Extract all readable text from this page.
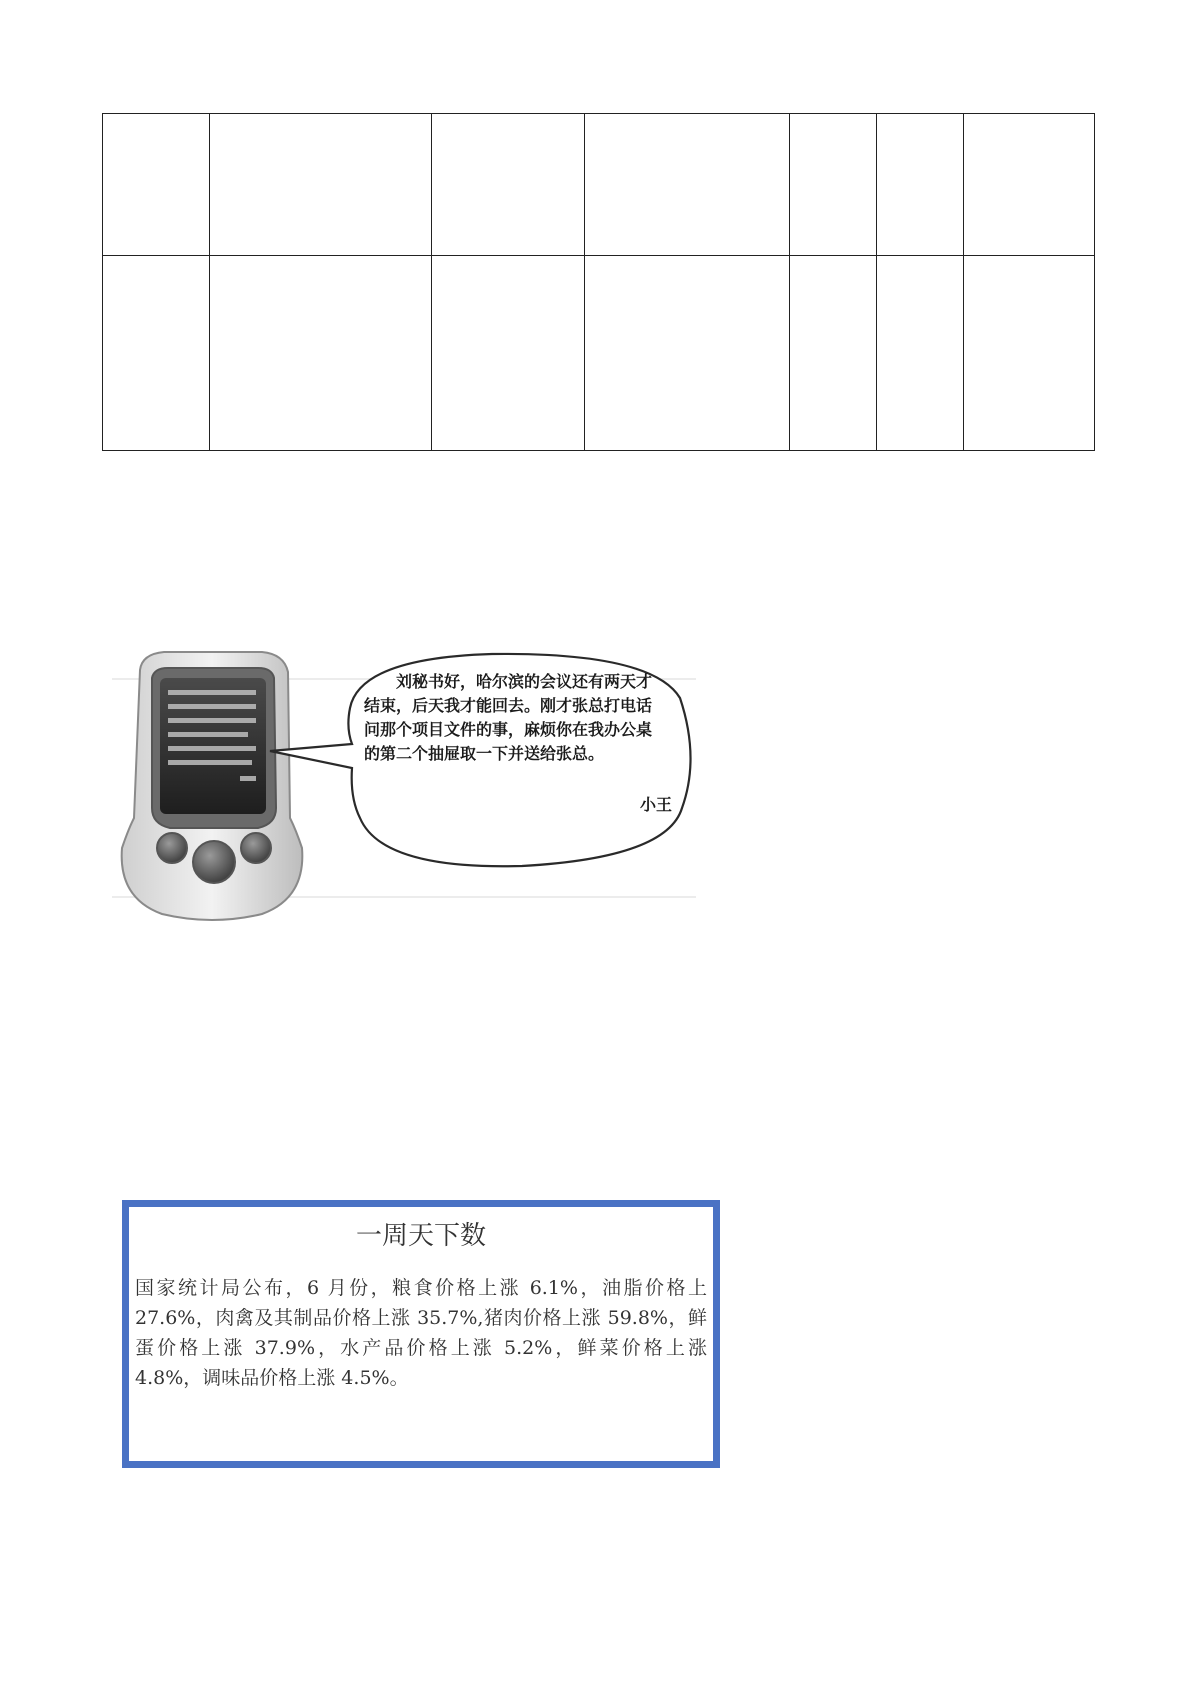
刘秘书好，哈尔滨的会议还有两天才结束，后天我才能回去。刚才张总打电话问那个项目文件的事，麻烦你在我办公桌的第二个抽屉取一下并送给张总。

小王
一周天下数
国家统计局公布，6 月份，粮食价格上涨 6.1%，油脂价格上 27.6%，肉禽及其制品价格上涨 35.7%,猪肉价格上涨 59.8%，鲜蛋价格上涨 37.9%，水产品价格上涨 5.2%，鲜菜价格上涨 4.8%，调味品价格上涨 4.5%。
